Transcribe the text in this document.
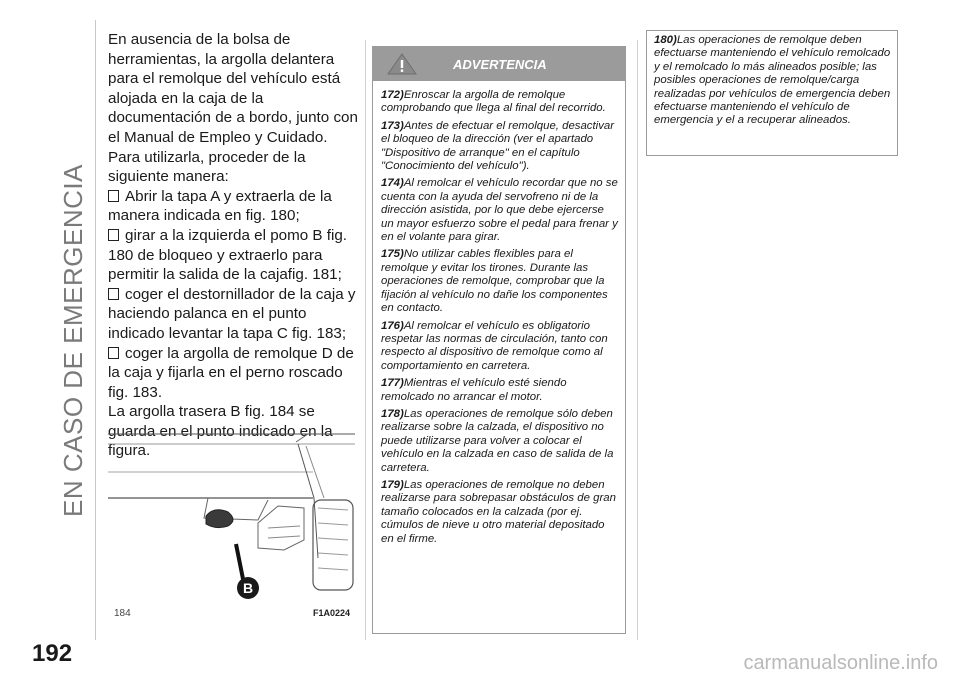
EN CASO DE EMERGENCIA
192

En ausencia de la bolsa de herramientas, la argolla delantera para el remolque del vehículo está alojada en la caja de la documentación de a bordo, junto con el Manual de Empleo y Cuidado.

Para utilizarla, proceder de la siguiente manera:

Abrir la tapa A y extraerla de la manera indicada en fig. 180;

girar a la izquierda el pomo B fig. 180 de bloqueo y extraerlo para permitir la salida de la cajafig. 181;

coger el destornillador de la caja y haciendo palanca en el punto indicado levantar la tapa C fig. 183;

coger la argolla de remolque D de la caja y fijarla en el perno roscado fig. 183.

La argolla trasera B fig. 184 se guarda en el punto indicado en la figura.

B
184	F1A0224
ADVERTENCIA

172)Enroscar la argolla de remolque comprobando que llega al final del recorrido.

173)Antes de efectuar el remolque, desactivar el bloqueo de la dirección (ver el apartado "Dispositivo de arranque" en el capítulo "Conocimiento del vehículo").

174)Al remolcar el vehículo recordar que no se cuenta con la ayuda del servofreno ni de la dirección asistida, por lo que debe ejercerse un mayor esfuerzo sobre el pedal para frenar y en el volante para girar.

175)No utilizar cables flexibles para el remolque y evitar los tirones. Durante las operaciones de remolque, comprobar que la fijación al vehículo no dañe los componentes en contacto.

176)Al remolcar el vehículo es obligatorio respetar las normas de circulación, tanto con respecto al dispositivo de remolque como al comportamiento en carretera.

177)Mientras el vehículo esté siendo remolcado no arrancar el motor.

178)Las operaciones de remolque sólo deben realizarse sobre la calzada, el dispositivo no puede utilizarse para volver a colocar el vehículo en la calzada en caso de salida de la carretera.

179)Las operaciones de remolque no deben realizarse para sobrepasar obstáculos de gran tamaño colocados en la calzada (por ej. cúmulos de nieve u otro material depositado en el firme.

180)Las operaciones de remolque deben efectuarse manteniendo el vehículo remolcado y el remolcado lo más alineados posible; las posibles operaciones de remolque/carga realizadas por vehículos de emergencia deben efectuarse manteniendo el vehículo de emergencia y el a recuperar alineados.

carmanualsonline.info
